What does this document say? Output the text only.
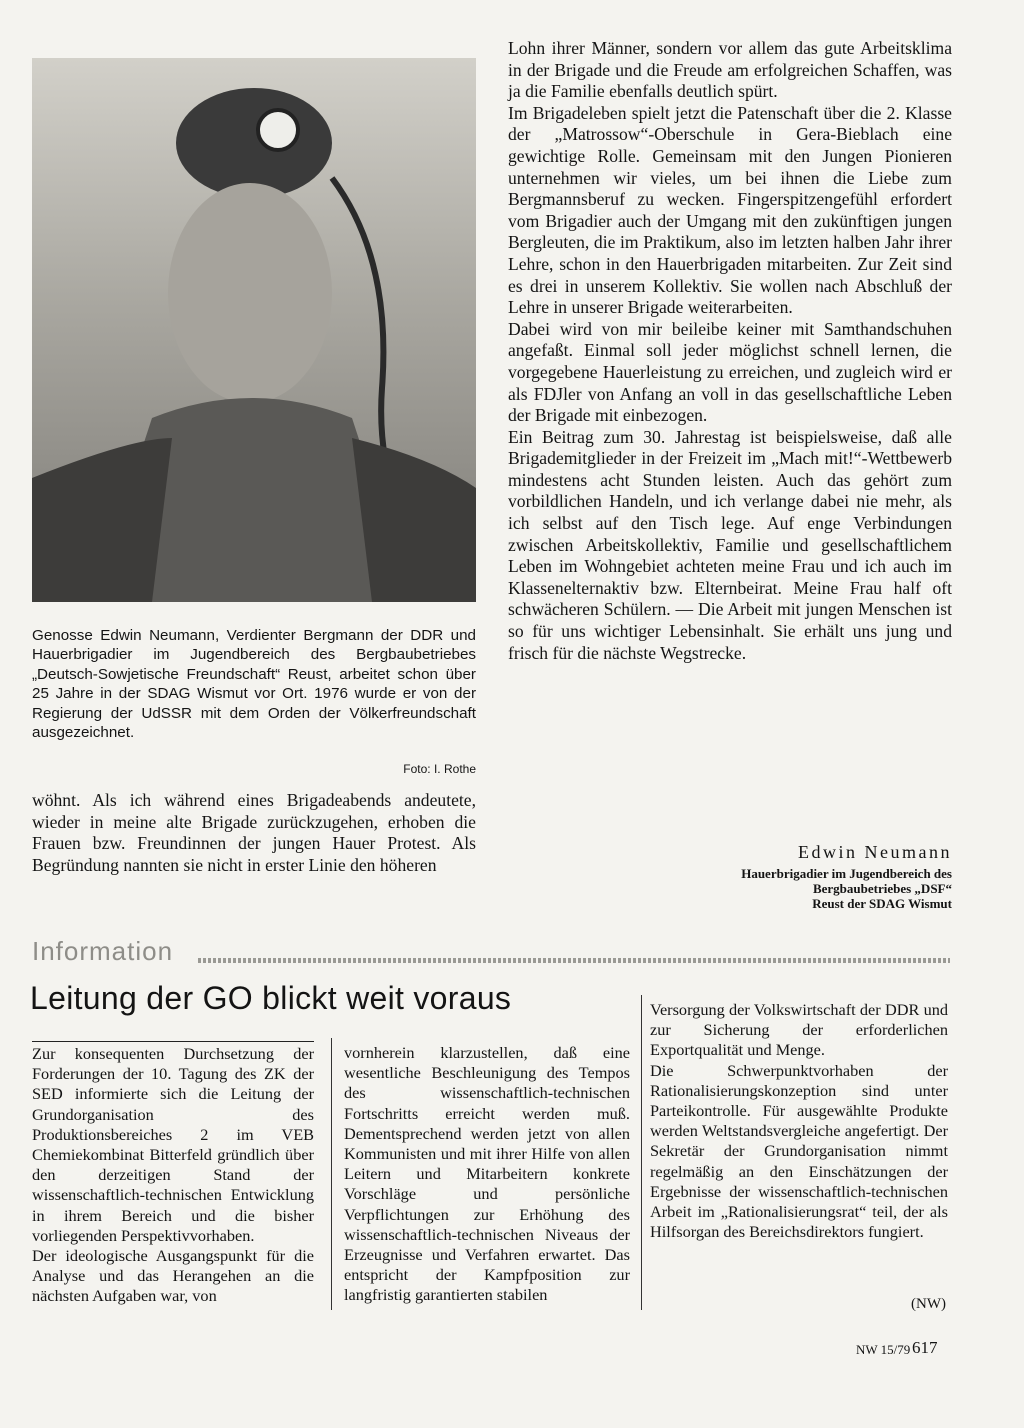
Genosse Edwin Neumann, Verdienter Bergmann der DDR und Hauerbrigadier im Jugendbereich des Bergbaubetriebes „Deutsch-Sowjetische Freundschaft“ Reust, arbeitet schon über 25 Jahre in der SDAG Wismut vor Ort. 1976 wurde er von der Regierung der UdSSR mit dem Orden der Völkerfreundschaft ausgezeichnet.
Foto: I. Rothe

wöhnt. Als ich während eines Brigadeabends andeutete, wieder in meine alte Brigade zurückzugehen, erhoben die Frauen bzw. Freundinnen der jungen Hauer Protest. Als Begründung nannten sie nicht in erster Linie den höheren

Lohn ihrer Männer, sondern vor allem das gute Arbeitsklima in der Brigade und die Freude am erfolgreichen Schaffen, was ja die Familie ebenfalls deutlich spürt.

Im Brigadeleben spielt jetzt die Patenschaft über die 2. Klasse der „Matrossow“-Oberschule in Gera-Bieblach eine gewichtige Rolle. Gemeinsam mit den Jungen Pionieren unternehmen wir vieles, um bei ihnen die Liebe zum Bergmannsberuf zu wecken. Fingerspitzengefühl erfordert vom Brigadier auch der Umgang mit den zukünftigen jungen Bergleuten, die im Praktikum, also im letzten halben Jahr ihrer Lehre, schon in den Hauerbrigaden mitarbeiten. Zur Zeit sind es drei in unserem Kollektiv. Sie wollen nach Abschluß der Lehre in unserer Brigade weiterarbeiten.

Dabei wird von mir beileibe keiner mit Samthandschuhen angefaßt. Einmal soll jeder möglichst schnell lernen, die vorgegebene Hauerleistung zu erreichen, und zugleich wird er als FDJler von Anfang an voll in das gesellschaftliche Leben der Brigade mit einbezogen.

Ein Beitrag zum 30. Jahrestag ist beispielsweise, daß alle Brigademitglieder in der Freizeit im „Mach mit!“-Wettbewerb mindestens acht Stunden leisten. Auch das gehört zum vorbildlichen Handeln, und ich verlange dabei nie mehr, als ich selbst auf den Tisch lege. Auf enge Verbindungen zwischen Arbeitskollektiv, Familie und gesellschaftlichem Leben im Wohngebiet achteten meine Frau und ich auch im Klassenelternaktiv bzw. Elternbeirat. Meine Frau half oft schwächeren Schülern. — Die Arbeit mit jungen Menschen ist so für uns wichtiger Lebensinhalt. Sie erhält uns jung und frisch für die nächste Wegstrecke.

Edwin Neumann
Hauerbrigadier im Jugendbereich des
Bergbaubetriebes „DSF“
Reust der SDAG Wismut
Information
Leitung der GO blickt weit voraus

Zur konsequenten Durchsetzung der Forderungen der 10. Tagung des ZK der SED informierte sich die Leitung der Grundorganisation des Produktionsbereiches 2 im VEB Chemiekombinat Bitterfeld gründlich über den derzeitigen Stand der wissenschaftlich-technischen Entwicklung in ihrem Bereich und die bisher vorliegenden Perspektivvorhaben.

Der ideologische Ausgangspunkt für die Analyse und das Herangehen an die nächsten Aufgaben war, von

vornherein klarzustellen, daß eine wesentliche Beschleunigung des Tempos des wissenschaftlich-technischen Fortschritts erreicht werden muß. Dementsprechend werden jetzt von allen Kommunisten und mit ihrer Hilfe von allen Leitern und Mitarbeitern konkrete Vorschläge und persönliche Verpflichtungen zur Erhöhung des wissenschaftlich-technischen Niveaus der Erzeugnisse und Verfahren erwartet. Das entspricht der Kampfposition zur langfristig garantierten stabilen

Versorgung der Volkswirtschaft der DDR und zur Sicherung der erforderlichen Exportqualität und Menge.

Die Schwerpunktvorhaben der Rationalisierungskonzeption sind unter Parteikontrolle. Für ausgewählte Produkte werden Weltstandsvergleiche angefertigt. Der Sekretär der Grundorganisation nimmt regelmäßig an den Einschätzungen der Ergebnisse der wissenschaftlich-technischen Arbeit im „Rationalisierungsrat“ teil, der als Hilfsorgan des Bereichsdirektors fungiert.

(NW)
NW 15/79 617
